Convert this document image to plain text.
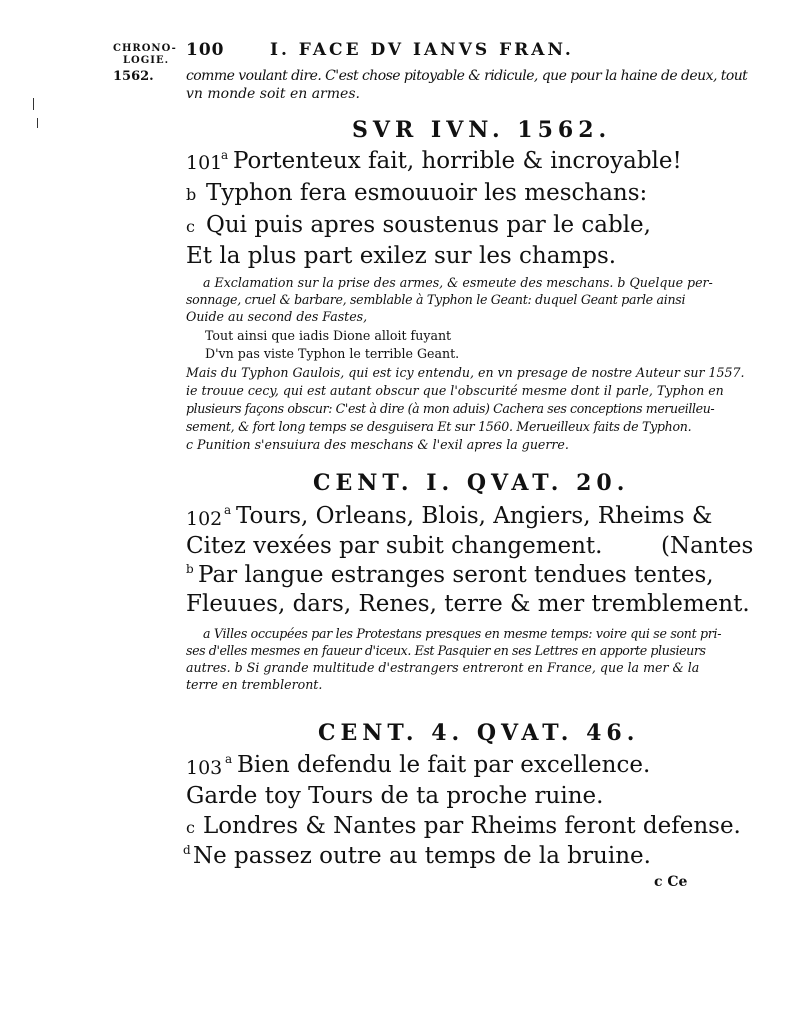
CHRONO-
LOGIE.
100	I. FACE DV IANVS FRAN.
1562. comme voulant dire. C'est chose pitoyable & ridicule, que pour la haine de deux, tout
vn monde soit en armes.
SVR IVN. 1562.
101
a Portenteux fait, horrible & incroyable!
b Typhon fera esmouuoir les meschans:
c Qui puis apres soustenus par le cable,
Et la plus part exilez sur les champs.
a Exclamation sur la prise des armes, & esmeute des meschans. b Quelque per-
sonnage, cruel & barbare, semblable à Typhon le Geant: duquel Geant parle ainsi
Ouide au second des Fastes,
Tout ainsi que iadis Dione alloit fuyant
D'vn pas viste Typhon le terrible Geant.
Mais du Typhon Gaulois, qui est icy entendu, en vn presage de nostre Auteur sur 1557.
ie trouue cecy, qui est autant obscur que l'obscurité mesme dont il parle, Typhon en
plusieurs façons obscur: C'est à dire (à mon aduis) Cachera ses conceptions merueilleu-
sement, & fort long temps se desguisera Et sur 1560. Merueilleux faits de Typhon.
c Punition s'ensuiura des meschans & l'exil apres la guerre.
CENT. I. QVAT. 20.
102 a Tours, Orleans, Blois, Angiers, Rheims &
Citez vexées par subit changement.        (Nantes
b Par langue estranges seront tendues tentes,
Fleuues, dars, Renes, terre & mer tremblement.
a Villes occupées par les Protestans presques en mesme temps: voire qui se sont pri-
ses d'elles mesmes en faueur d'iceux. Est Pasquier en ses Lettres en apporte plusieurs
autres. b Si grande multitude d'estrangers entreront en France, que la mer & la
terre en trembleront.
CENT. 4. QVAT. 46.
103 a Bien defendu le fait par excellence.
Garde toy Tours de ta proche ruine.
c Londres & Nantes par Rheims feront defense.
d Ne passez outre au temps de la bruine.
c Ce
